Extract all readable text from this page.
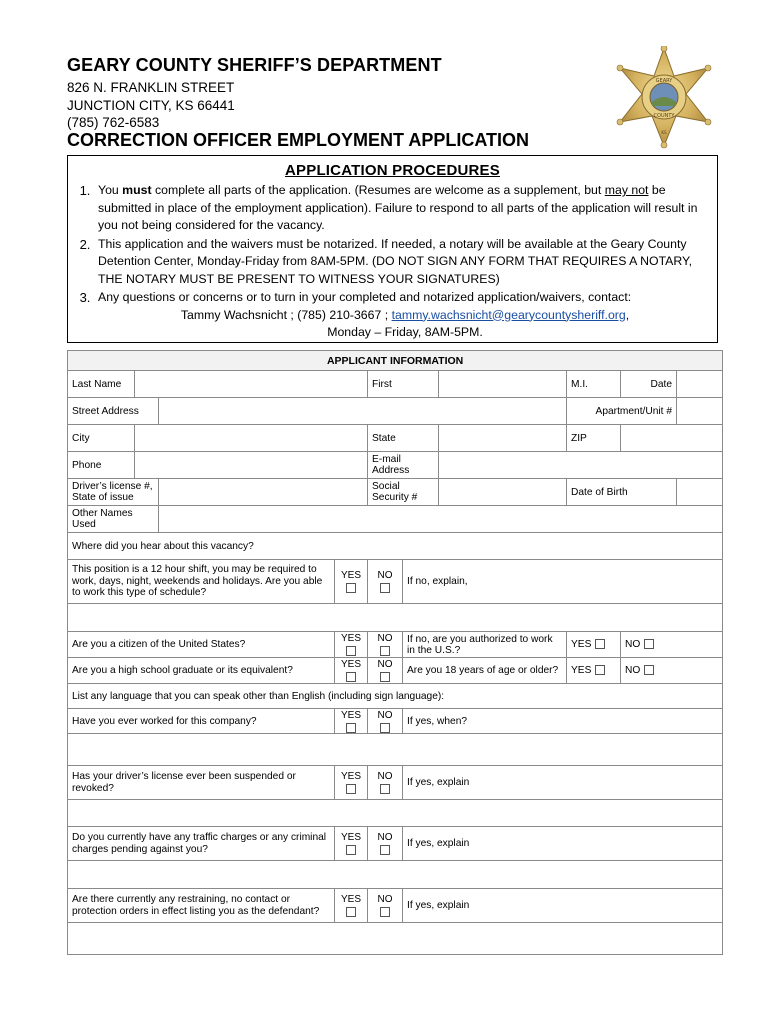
GEARY COUNTY SHERIFF’S DEPARTMENT
826 N. FRANKLIN STREET
JUNCTION CITY, KS 66441
(785) 762-6583
CORRECTION OFFICER EMPLOYMENT APPLICATION
GEARY
COUNTY
KS
APPLICATION PROCEDURES
1. You must complete all parts of the application. (Resumes are welcome as a supplement, but may not be submitted in place of the employment application). Failure to respond to all parts of the application will result in you not being considered for the vacancy.
2. This application and the waivers must be notarized. If needed, a notary will be available at the Geary County Detention Center, Monday-Friday from 8AM-5PM. (DO NOT SIGN ANY FORM THAT REQUIRES A NOTARY, THE NOTARY MUST BE PRESENT TO WITNESS YOUR SIGNATURES)
3. Any questions or concerns or to turn in your completed and notarized application/waivers, contact:
Tammy Wachsnicht ; (785) 210-3667 ; tammy.wachsnicht@gearycountysheriff.org,
Monday – Friday, 8AM-5PM.
APPLICANT INFORMATION									
Last Name				First			M.I.	Date	
Street Address							Apartment/Unit #		
City				State			ZIP		
Phone				E-mail Address					
Driver’s license #, State of issue				Social Security #			Date of Birth		
Other Names Used									
Where did you hear about this vacancy?									
This position is a 12 hour shift, you may be required to work, days, night, weekends and holidays. Are you able to work this type of schedule?			YES	NO	If no, explain,				

Are you a citizen of the United States?			YES	NO	If no, are you authorized to work in the U.S.?		YES	NO	
Are you a high school graduate or its equivalent?			YES	NO	Are you 18 years of age or older?		YES	NO	
List any language that you can speak other than English (including sign language):									
Have you ever worked for this company?			YES	NO	If yes, when?				

Has your driver’s license ever been suspended or revoked?			YES	NO	If yes, explain				

Do you currently have any traffic charges or any criminal charges pending against you?			YES	NO	If yes, explain				

Are there currently any restraining, no contact or protection orders in effect listing you as the defendant?			YES	NO	If yes, explain				
